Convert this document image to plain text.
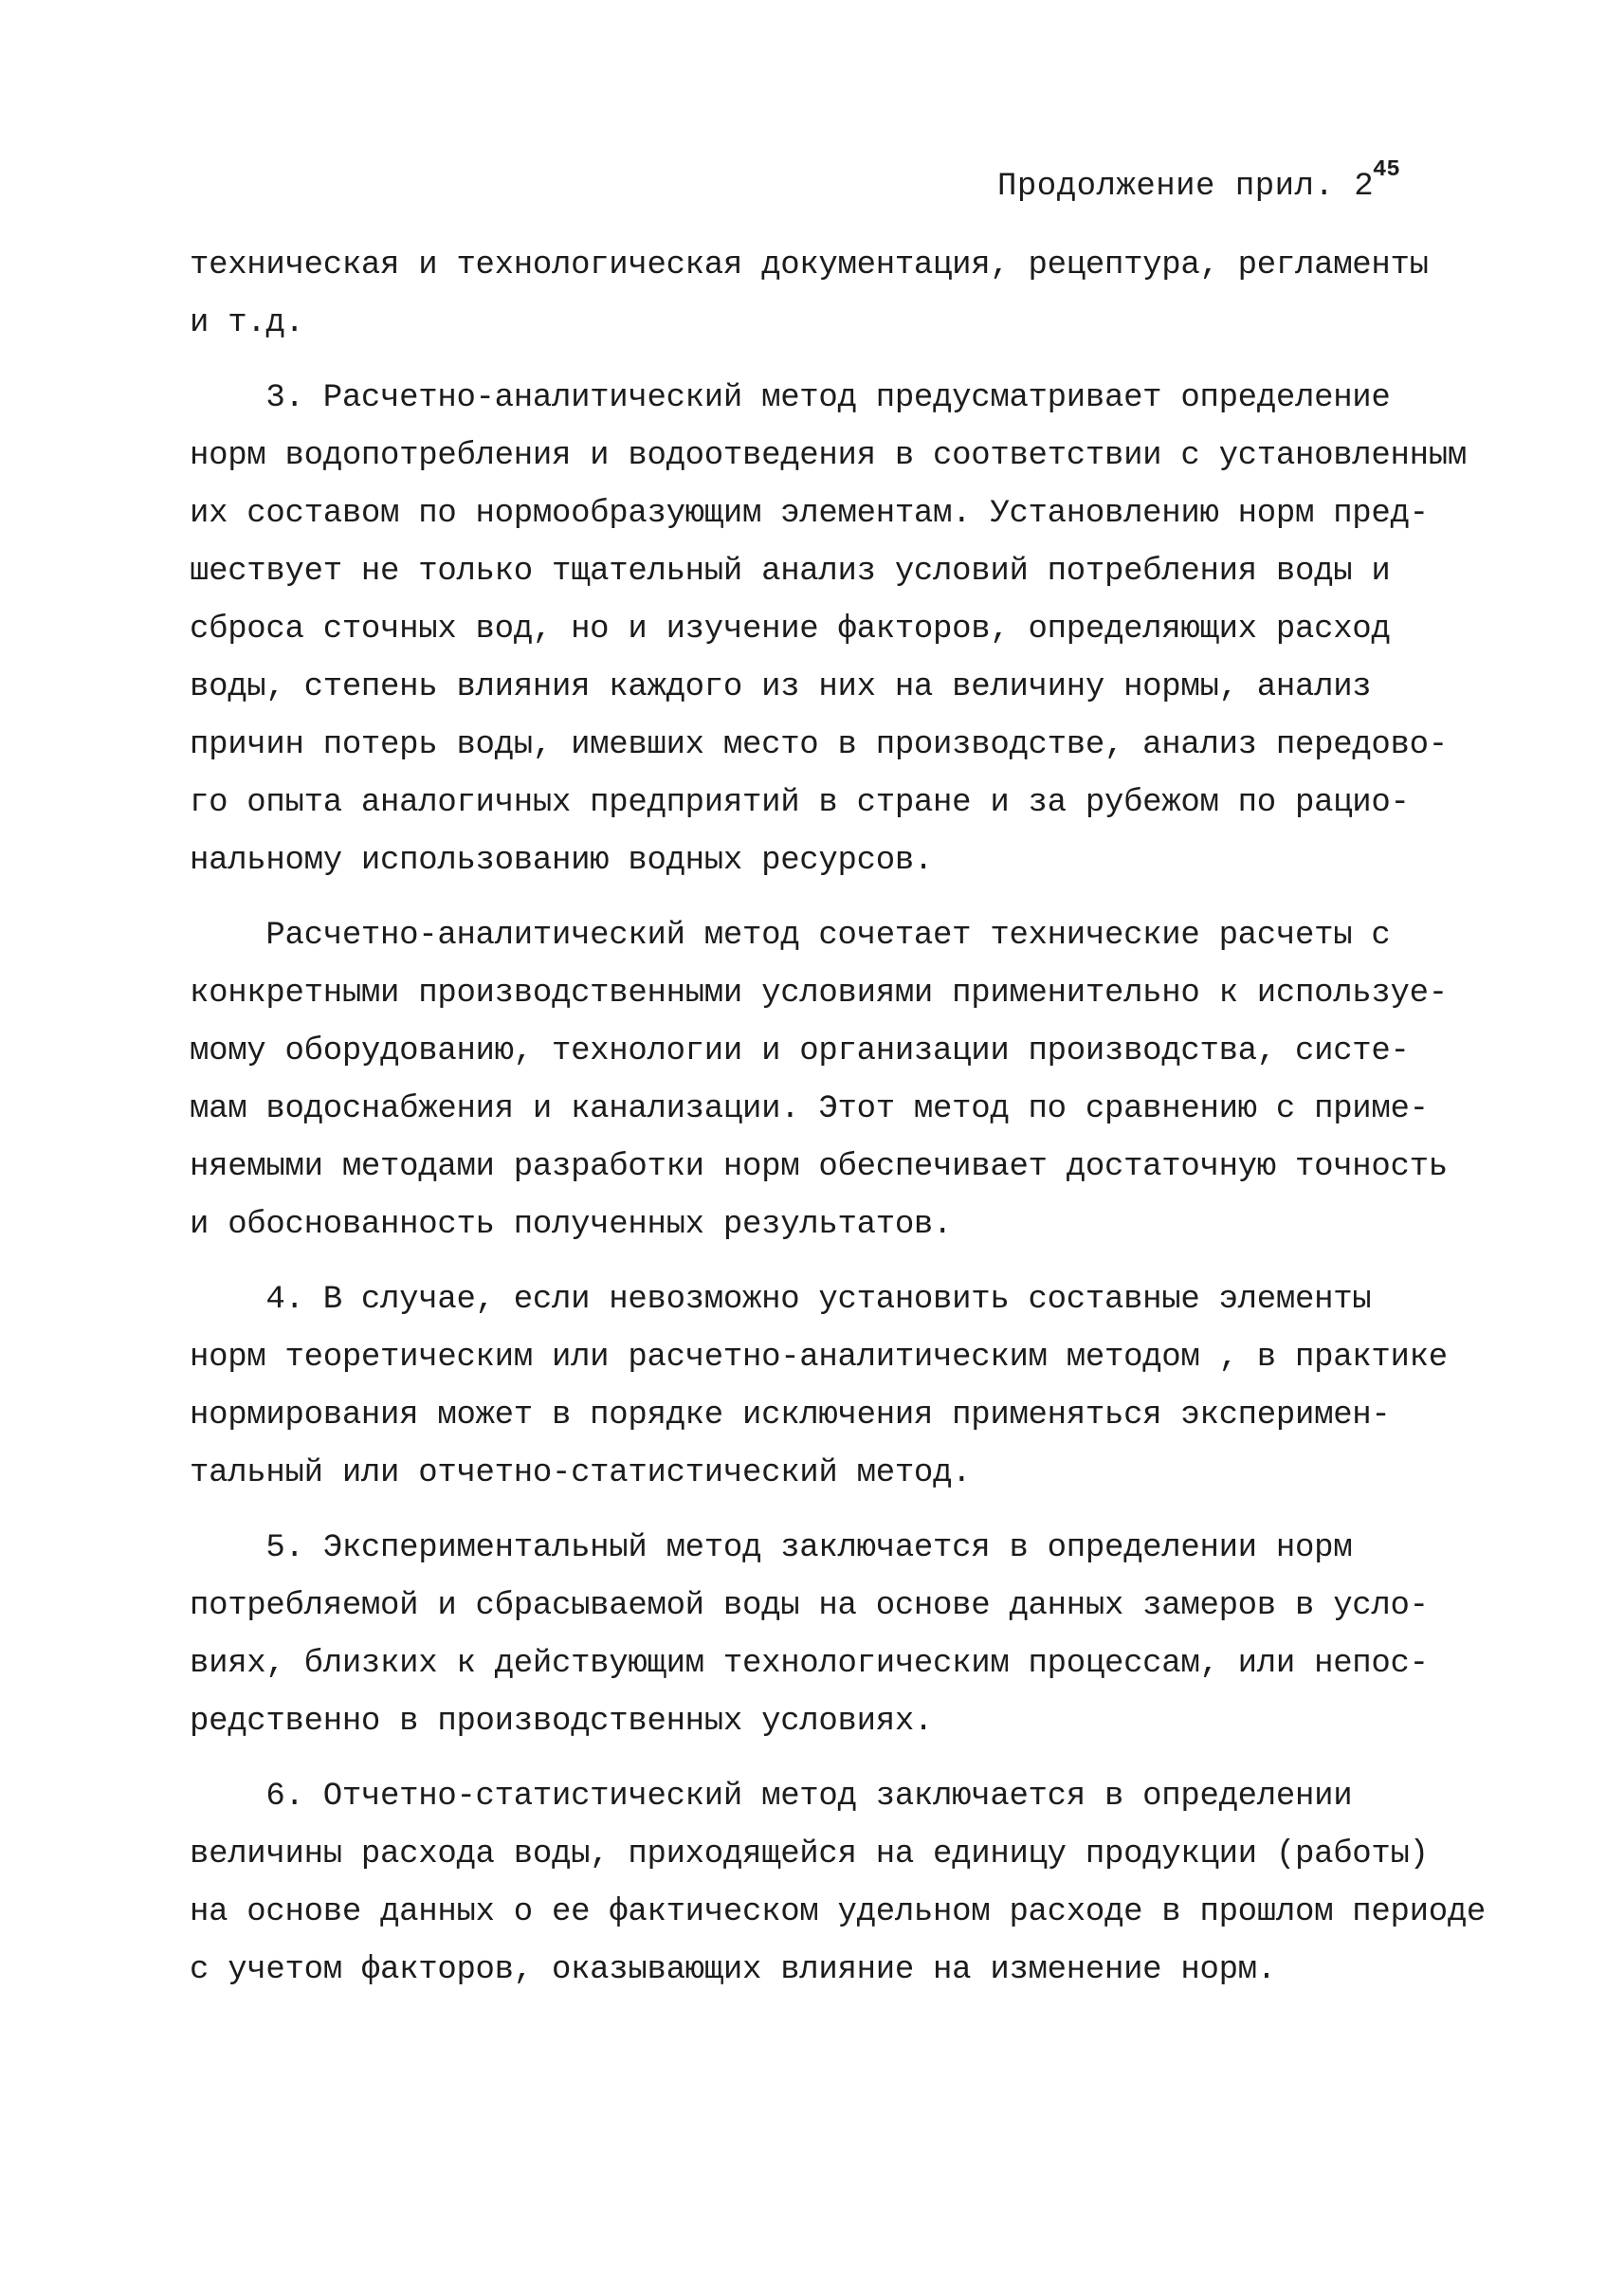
45
Продолжение прил. 2
техническая и технологическая документация, рецептура, регламенты
и т.д.
3. Расчетно-аналитический метод предусматривает определение
норм водопотребления и водоотведения в соответствии с установленным
их составом по нормообразующим элементам. Установлению норм пред-
шествует не только тщательный анализ условий потребления воды и
сброса сточных вод, но и изучение факторов, определяющих расход
воды, степень влияния каждого из них на величину нормы, анализ
причин потерь воды, имевших место в производстве, анализ передово-
го опыта аналогичных предприятий в стране и за рубежом по рацио-
нальному использованию водных ресурсов.
Расчетно-аналитический метод сочетает технические расчеты с
конкретными производственными условиями применительно к используе-
мому оборудованию, технологии и организации производства, систе-
мам водоснабжения и канализации. Этот метод по сравнению с приме-
няемыми методами разработки норм обеспечивает достаточную точность
и обоснованность полученных результатов.
4. В случае, если невозможно установить составные элементы
норм теоретическим или расчетно-аналитическим методом , в практике
нормирования может в порядке исключения применяться эксперимен-
тальный или отчетно-статистический метод.
5. Экспериментальный метод заключается в определении норм
потребляемой и сбрасываемой воды на основе данных замеров в усло-
виях, близких к действующим технологическим процессам, или непос-
редственно в производственных условиях.
6. Отчетно-статистический метод заключается в определении
величины расхода воды, приходящейся на единицу продукции (работы)
на основе данных о ее фактическом удельном расходе в прошлом периоде
с учетом факторов, оказывающих влияние на изменение норм.
